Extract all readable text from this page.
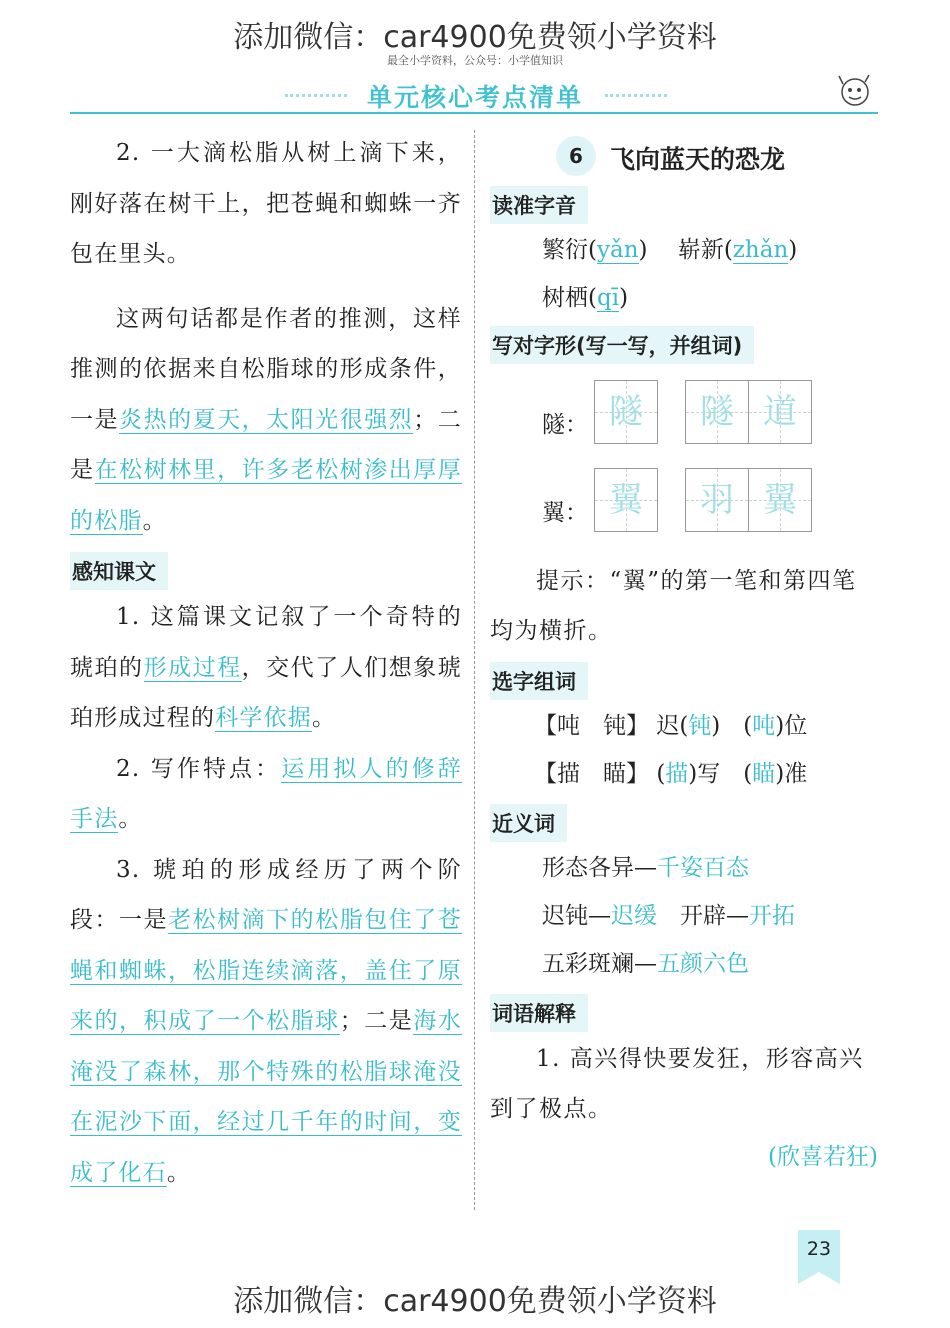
添加微信：car4900免费领小学资料
最全小学资料，公众号：小学值知识
单元核心考点清单

2. 一大滴松脂从树上滴下来，刚好落在树干上，把苍蝇和蜘蛛一齐包在里头。

这两句话都是作者的推测，这样推测的依据来自松脂球的形成条件，一是炎热的夏天，太阳光很强烈；二是在松树林里，许多老松树渗出厚厚的松脂。

感知课文

1. 这篇课文记叙了一个奇特的琥珀的形成过程，交代了人们想象琥珀形成过程的科学依据。

2. 写作特点：运用拟人的修辞手法。

3. 琥珀的形成经历了两个阶段：一是老松树滴下的松脂包住了苍蝇和蜘蛛，松脂连续滴落，盖住了原来的，积成了一个松脂球；二是海水淹没了森林，那个特殊的松脂球淹没在泥沙下面，经过几千年的时间，变成了化石。

6	飞向蓝天的恐龙
读准字音
繁衍(yǎn)　 崭新(zhǎn)
树栖(qī)
写对字形(写一写，并组词)
隧： 隧	隧 道
翼： 翼	羽 翼

提示：“翼”的第一笔和第四笔均为横折。

选字组词
【吨　钝】 迟(钝)　(吨)位
【描　瞄】 (描)写　(瞄)准
近义词
形态各异—千姿百态
迟钝—迟缓　 开辟—开拓
五彩斑斓—五颜六色
词语解释

1. 高兴得快要发狂，形容高兴到了极点。

(欣喜若狂)
23
添加微信：car4900免费领小学资料
